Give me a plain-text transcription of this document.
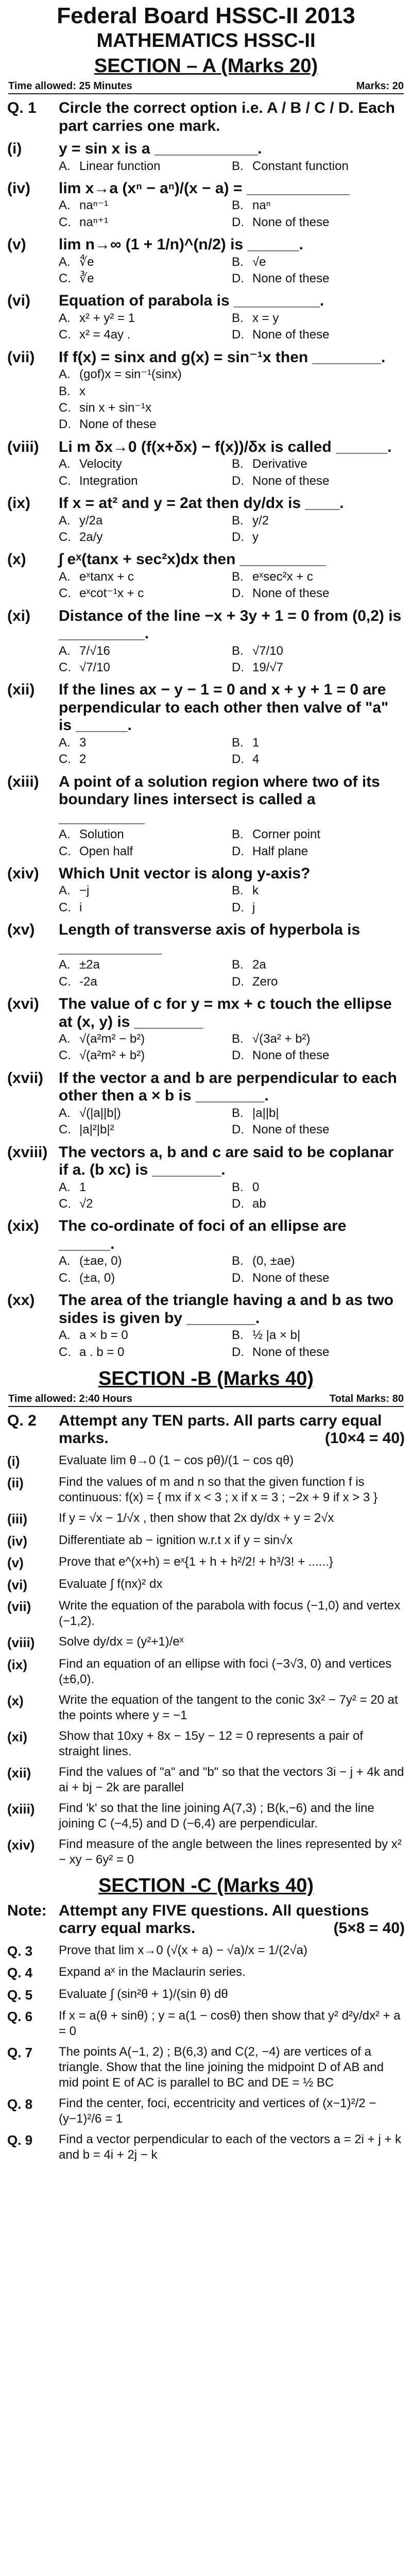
Federal Board HSSC-II 2013
MATHEMATICS HSSC-II
SECTION – A (Marks 20)
Time allowed: 25 Minutes	Marks: 20
Q. 1	Circle the correct option i.e. A / B / C / D. Each part carries one mark.
(i)	y = sin x is a ____________.
A. Linear function	B. Constant function
(iv)	lim x→a (xⁿ − aⁿ)/(x − a) = ____________
A. naⁿ⁻¹	B. naⁿ
C. naⁿ⁺¹	D. None of these
(v)	lim n→∞ (1 + 1/n)^(n/2) is ______.
A. ∜e	B. √e
C. ∛e	D. None of these
(vi)	Equation of parabola is __________.
A. x² + y² = 1	B. x = y
C. x² = 4ay .	D. None of these
(vii)	If f(x) = sinx and g(x) = sin⁻¹x then ________.
A. (gof)x = sin⁻¹(sinx)
B. x
C. sin x + sin⁻¹x
D. None of these
(viii)	Li m δx→0 (f(x+δx) − f(x))/δx is called ______.
A. Velocity	B. Derivative
C. Integration	D. None of these
(ix)	If x = at² and y = 2at then dy/dx is ____.
A. y/2a	B. y/2
C. 2a/y	D. y
(x)	∫ eˣ(tanx + sec²x)dx then __________
A. eˣtanx + c	B. eˣsec²x + c
C. eˣcot⁻¹x + c	D. None of these
(xi)	Distance of the line −x + 3y + 1 = 0 from (0,2) is __________.
A. 7/√16	B. √7/10
C. √7/10	D. 19/√7
(xii)	If the lines ax − y − 1 = 0 and x + y + 1 = 0 are perpendicular to each other then valve of "a" is ______.
A. 3	B. 1
C. 2	D. 4
(xiii)	A point of a solution region where two of its boundary lines intersect is called a __________
A. Solution	B. Corner point
C. Open half	D. Half plane
(xiv)	Which Unit vector is along y-axis?
A. −j	B. k
C. i	D. j
(xv)	Length of transverse axis of hyperbola is ____________
A. ±2a	B. 2a
C. -2a	D. Zero
(xvi)	The value of c for y = mx + c touch the ellipse at (x, y) is ________
A. √(a²m² − b²)	B. √(3a² + b²)
C. √(a²m² + b²)	D. None of these
(xvii) If the vector a and b are perpendicular to each other then a × b is ________.
A. √(|a||b|)	B. |a||b|
C. |a|²|b|²	D. None of these
(xviii) The vectors a, b and c are said to be coplanar if a. (b xc) is ________.
A. 1	B. 0
C. √2	D. ab
(xix)	The co-ordinate of foci of an ellipse are ______.
A. (±ae, 0)	B. (0, ±ae)
C. (±a, 0)	D. None of these
(xx)	The area of the triangle having a and b as two sides is given by ________.
A. a × b = 0	B. ½ |a × b|
C. a . b = 0	D. None of these
SECTION -B (Marks 40)
Time allowed: 2:40 Hours	Total Marks: 80
Q. 2	Attempt any TEN parts. All parts carry equal marks.	(10×4 = 40)
(i)	Evaluate lim θ→0 (1 − cos pθ)/(1 − cos qθ)
(ii)	Find the values of m and n so that the given function f is continuous: f(x) = { mx if x < 3 ; x if x = 3 ; −2x + 9 if x > 3 }
(iii)	If y = √x − 1/√x , then show that 2x dy/dx + y = 2√x
(iv)	Differentiate ab − ignition w.r.t x if y = sin√x
(v)	Prove that e^(x+h) = eˣ{1 + h + h²/2! + h³/3! + ......}
(vi)	Evaluate ∫ f(nx)² dx
(vii)	Write the equation of the parabola with focus (−1,0) and vertex (−1,2).
(viii)	Solve dy/dx = (y²+1)/eˣ
(ix)	Find an equation of an ellipse with foci (−3√3, 0) and vertices (±6,0).
(x)	Write the equation of the tangent to the conic 3x² − 7y² = 20 at the points where y = −1
(xi)	Show that 10xy + 8x − 15y − 12 = 0 represents a pair of straight lines.
(xii)	Find the values of "a" and "b" so that the vectors 3i − j + 4k and ai + bj − 2k are parallel
(xiii)	Find 'k' so that the line joining A(7,3) ; B(k,−6) and the line joining C (−4,5) and D (−6,4) are perpendicular.
(xiv)	Find measure of the angle between the lines represented by x² − xy − 6y² = 0
SECTION -C (Marks 40)
Note: Attempt any FIVE questions. All questions carry equal marks.	(5×8 = 40)
Q. 3	Prove that lim x→0 (√(x + a) − √a)/x = 1/(2√a)
Q. 4	Expand aˣ in the Maclaurin series.
Q. 5	Evaluate ∫ (sin²θ + 1)/(sin θ) dθ
Q. 6	If x = a(θ + sinθ) ; y = a(1 − cosθ) then show that y² d²y/dx² + a = 0
Q. 7	The points A(−1, 2) ; B(6,3) and C(2, −4) are vertices of a triangle. Show that the line joining the midpoint D of AB and mid point E of AC is parallel to BC and DE = ½ BC
Q. 8	Find the center, foci, eccentricity and vertices of (x−1)²/2 − (y−1)²/6 = 1
Q. 9	Find a vector perpendicular to each of the vectors a = 2i + j + k and b = 4i + 2j − k
